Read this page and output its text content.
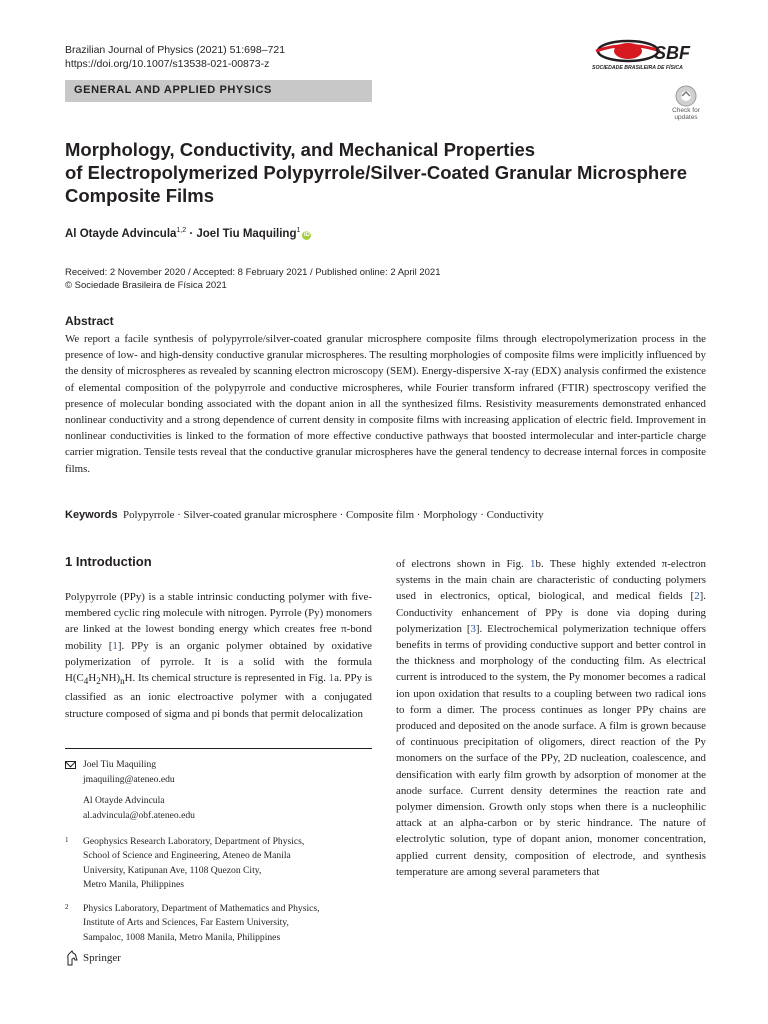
Brazilian Journal of Physics (2021) 51:698–721
https://doi.org/10.1007/s13538-021-00873-z
GENERAL AND APPLIED PHYSICS
SBF
SOCIEDADE BRASILEIRA DE FÍSICA
Check for
updates
Morphology, Conductivity, and Mechanical Properties
of Electropolymerized Polypyrrole/Silver-Coated Granular Microsphere
Composite Films
Al Otayde Advincula$^{1,2}$ · Joel Tiu Maquiling$^1$iD
Received: 2 November 2020 / Accepted: 8 February 2021 / Published online: 2 April 2021
© Sociedade Brasileira de Física 2021
Abstract
We report a facile synthesis of polypyrrole/silver-coated granular microsphere composite films through electropolymerization process in the presence of low- and high-density conductive granular microspheres. The resulting morphologies of composite films were implicitly influenced by the density of microspheres as revealed by scanning electron microscopy (SEM). Energy-dispersive X-ray (EDX) analysis confirmed the existence of elemental composition of the polypyrrole and conductive microspheres, while Fourier transform infrared (FTIR) spectroscopy verified the presence of molecular bonding associated with the dopant anion in all the synthesized films. Resistivity measurements demonstrated enhanced nonlinear conductivity and a strong dependence of current density in composite films with increasing application of electric field. Improvement in nonlinear conductivities is linked to the formation of more effective conductive pathways that boosted intermolecular and inter-particle charge carrier migration. Tensile tests reveal that the conductive granular microspheres have the general tendency to decrease internal forces in composite films.
Keywords Polypyrrole · Silver-coated granular microsphere · Composite film · Morphology · Conductivity
1 Introduction
Polypyrrole (PPy) is a stable intrinsic conducting polymer with five-membered cyclic ring molecule with nitrogen. Pyrrole (Py) monomers are linked at the lowest bonding energy which creates free π-bond mobility [1]. PPy is an organic polymer obtained by oxidative polymerization of pyrrole. It is a solid with the formula $H(C_4H_2NH)_nH$. Its chemical structure is represented in Fig. 1a. PPy is classified as an ionic electroactive polymer with a conjugated structure composed of sigma and pi bonds that permit delocalization
of electrons shown in Fig. 1b. These highly extended π-electron systems in the main chain are characteristic of conducting polymers used in electronics, optical, biological, and medical fields [2]. Conductivity enhancement of PPy is done via doping during polymerization [3]. Electrochemical polymerization technique offers benefits in terms of providing conductive support and better control in the thickness and morphology of the conducting film. As electrical current is introduced to the system, the Py monomer becomes a radical ion upon oxidation that results to a coupling between two radical ions to form a dimer. The process continues as longer PPy chains are produced and deposited on the anode surface. A film is grown because of continuous precipitation of oligomers, direct reaction of the Py monomers on the surface of the PPy, 2D nucleation, coalescence, and densification with early film growth by adsorption of monomer at the anode surface. Current density determines the reaction rate and polymer dimension. Growth only stops when there is a nucleophilic attack at an alpha-carbon or by steric hindrance. The nature of electrolytic solution, type of dopant anion, monomer concentration, applied current density, composition of electrode, and synthesis temperature are among several parameters that
Joel Tiu Maquiling
jmaquiling@ateneo.edu
Al Otayde Advincula
al.advincula@obf.ateneo.edu
1	Geophysics Research Laboratory, Department of Physics,
School of Science and Engineering, Ateneo de Manila
University, Katipunan Ave, 1108 Quezon City,
Metro Manila, Philippines
2	Physics Laboratory, Department of Mathematics and Physics,
Institute of Arts and Sciences, Far Eastern University,
Sampaloc, 1008 Manila, Metro Manila, Philippines
Springer
